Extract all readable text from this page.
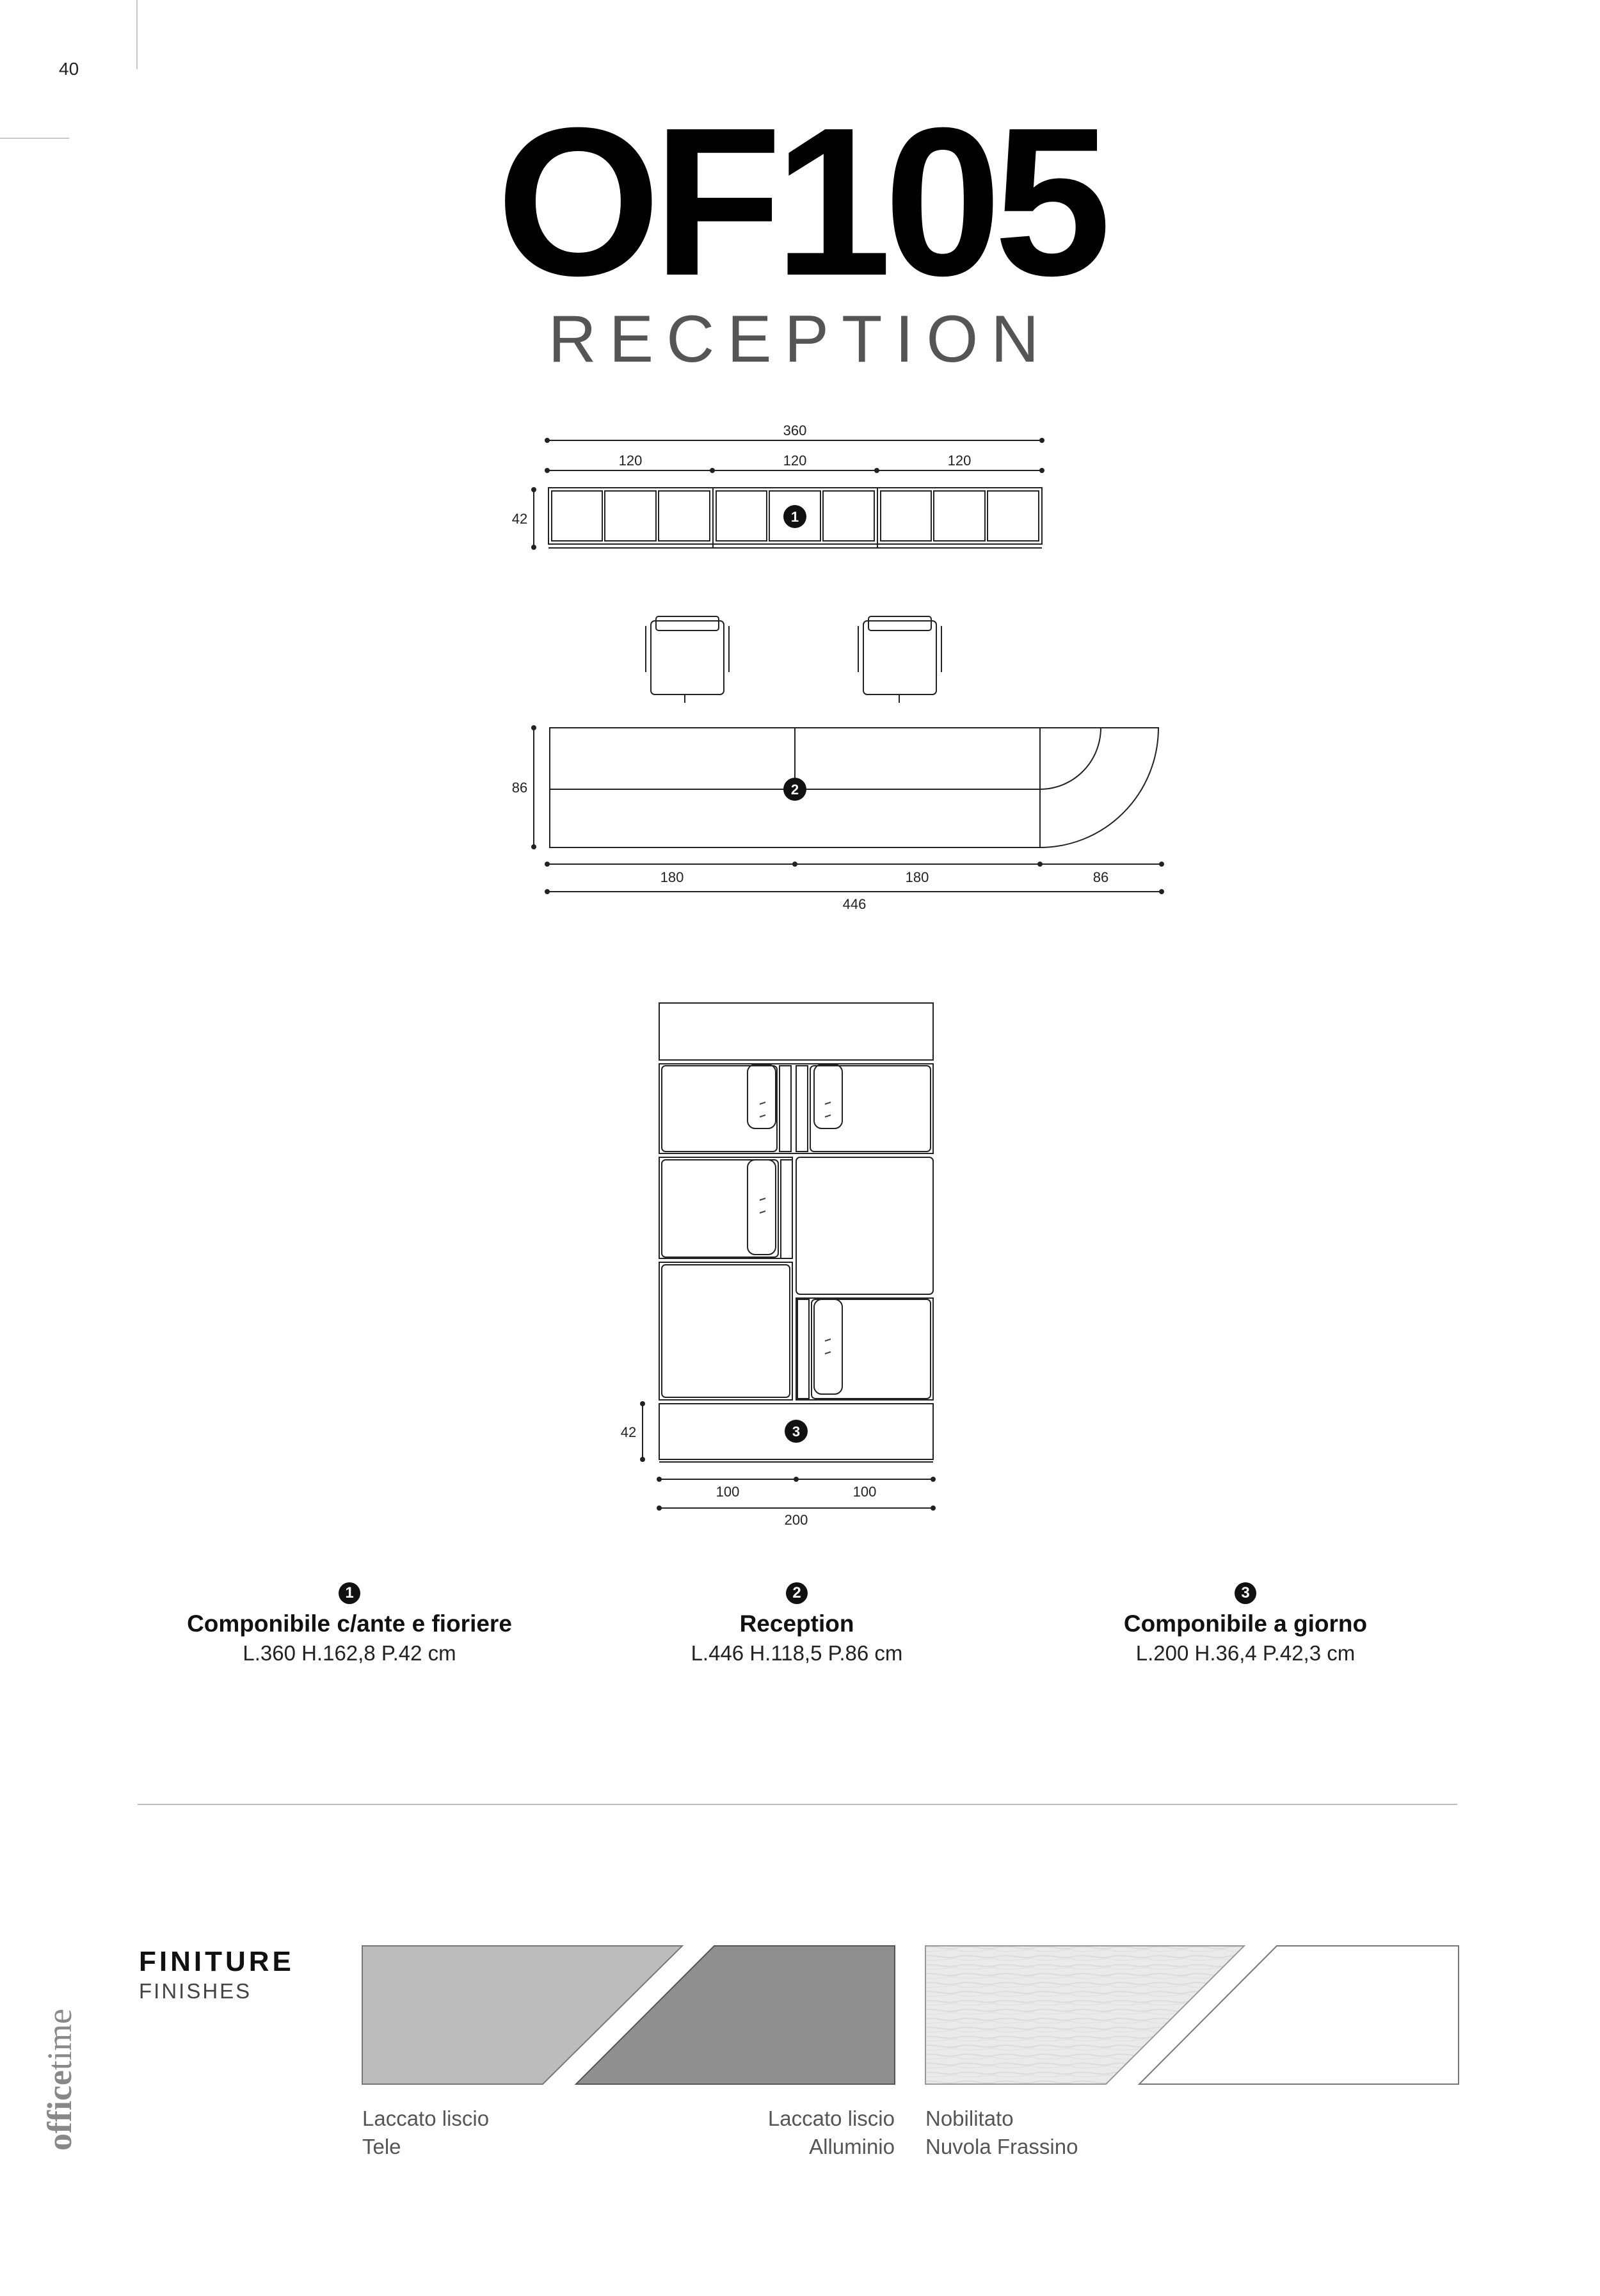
40
OF105
RECEPTION
360
120	120	120
42
86
180	180	86
446
42
100	100
200
1
2
3
1
Componibile c/ante e fioriere
L.360 H.162,8 P.42 cm
2
Reception
L.446 H.118,5 P.86 cm
3
Componibile a giorno
L.200 H.36,4 P.42,3 cm
FINITURE
FINISHES
Laccato liscio
Tele
Laccato liscio
Alluminio
Nobilitato
Nuvola Frassino
officetime
